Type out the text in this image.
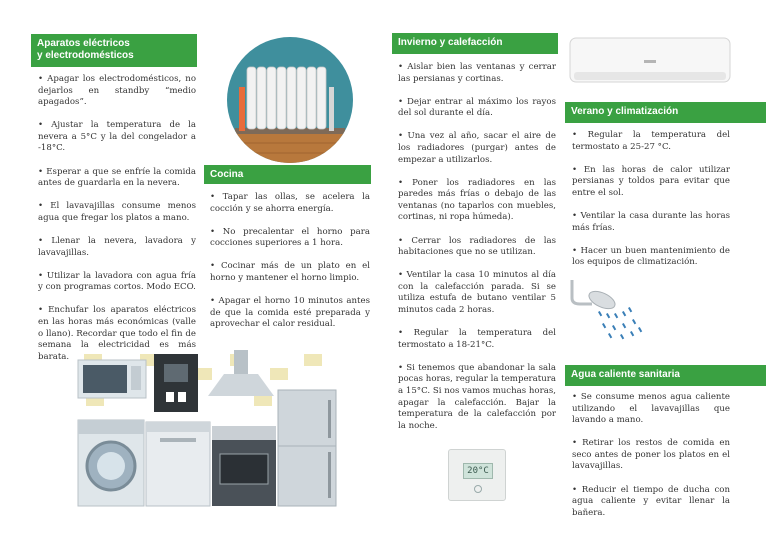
Aparatos eléctricos
y electrodomésticos
• Apagar los electrodomésticos, no dejarlos en standby “medio apagados”.
• Ajustar la temperatura de la nevera a 5°C y la del congelador a -18°C.
• Esperar a que se enfríe la comida antes de guardarla en la nevera.
• El lavavajillas consume menos agua que fregar los platos a mano.
• Llenar la nevera, lavadora y lavavajillas.
• Utilizar la lavadora con agua fría y con programas cortos. Modo ECO.
• Enchufar los aparatos eléctricos en las horas más económicas (valle o llano). Recordar que todo el fin de semana la electricidad es más barata.
Cocina
• Tapar las ollas, se acelera la cocción y se ahorra energía.
• No precalentar el horno para cocciones superiores a 1 hora.
• Cocinar más de un plato en el horno y mantener el horno limpio.
• Apagar el horno 10 minutos antes de que la comida esté preparada y aprovechar el calor residual.
Invierno y calefacción
• Aislar bien las ventanas y cerrar las persianas y cortinas.
• Dejar entrar al máximo los rayos del sol durante el día.
• Una vez al año, sacar el aire de los radiadores (purgar) antes de empezar a utilizarlos.
• Poner los radiadores en las paredes más frías o debajo de las ventanas (no taparlos con muebles, cortinas, ni ropa húmeda).
• Cerrar los radiadores de las habitaciones que no se utilizan.
• Ventilar la casa 10 minutos al día con la calefacción parada. Si se utiliza estufa de butano ventilar 5 minutos cada 2 horas.
• Regular la temperatura del termostato a 18-21°C.
• Si tenemos que abandonar la sala pocas horas, regular la temperatura a 15°C. Si nos vamos muchas horas, apagar la calefacción. Bajar la temperatura de la calefacción por la noche.
20°C
Verano y climatización
• Regular la temperatura del termostato a 25-27 °C.
• En las horas de calor utilizar persianas y toldos para evitar que entre el sol.
• Ventilar la casa durante las horas más frías.
• Hacer un buen mantenimiento de los equipos de climatización.
Agua caliente sanitaria
• Se consume menos agua caliente utilizando el lavavajillas que lavando a mano.
• Retirar los restos de comida en seco antes de poner los platos en el lavavajillas.
• Reducir el tiempo de ducha con agua caliente y evitar llenar la bañera.
